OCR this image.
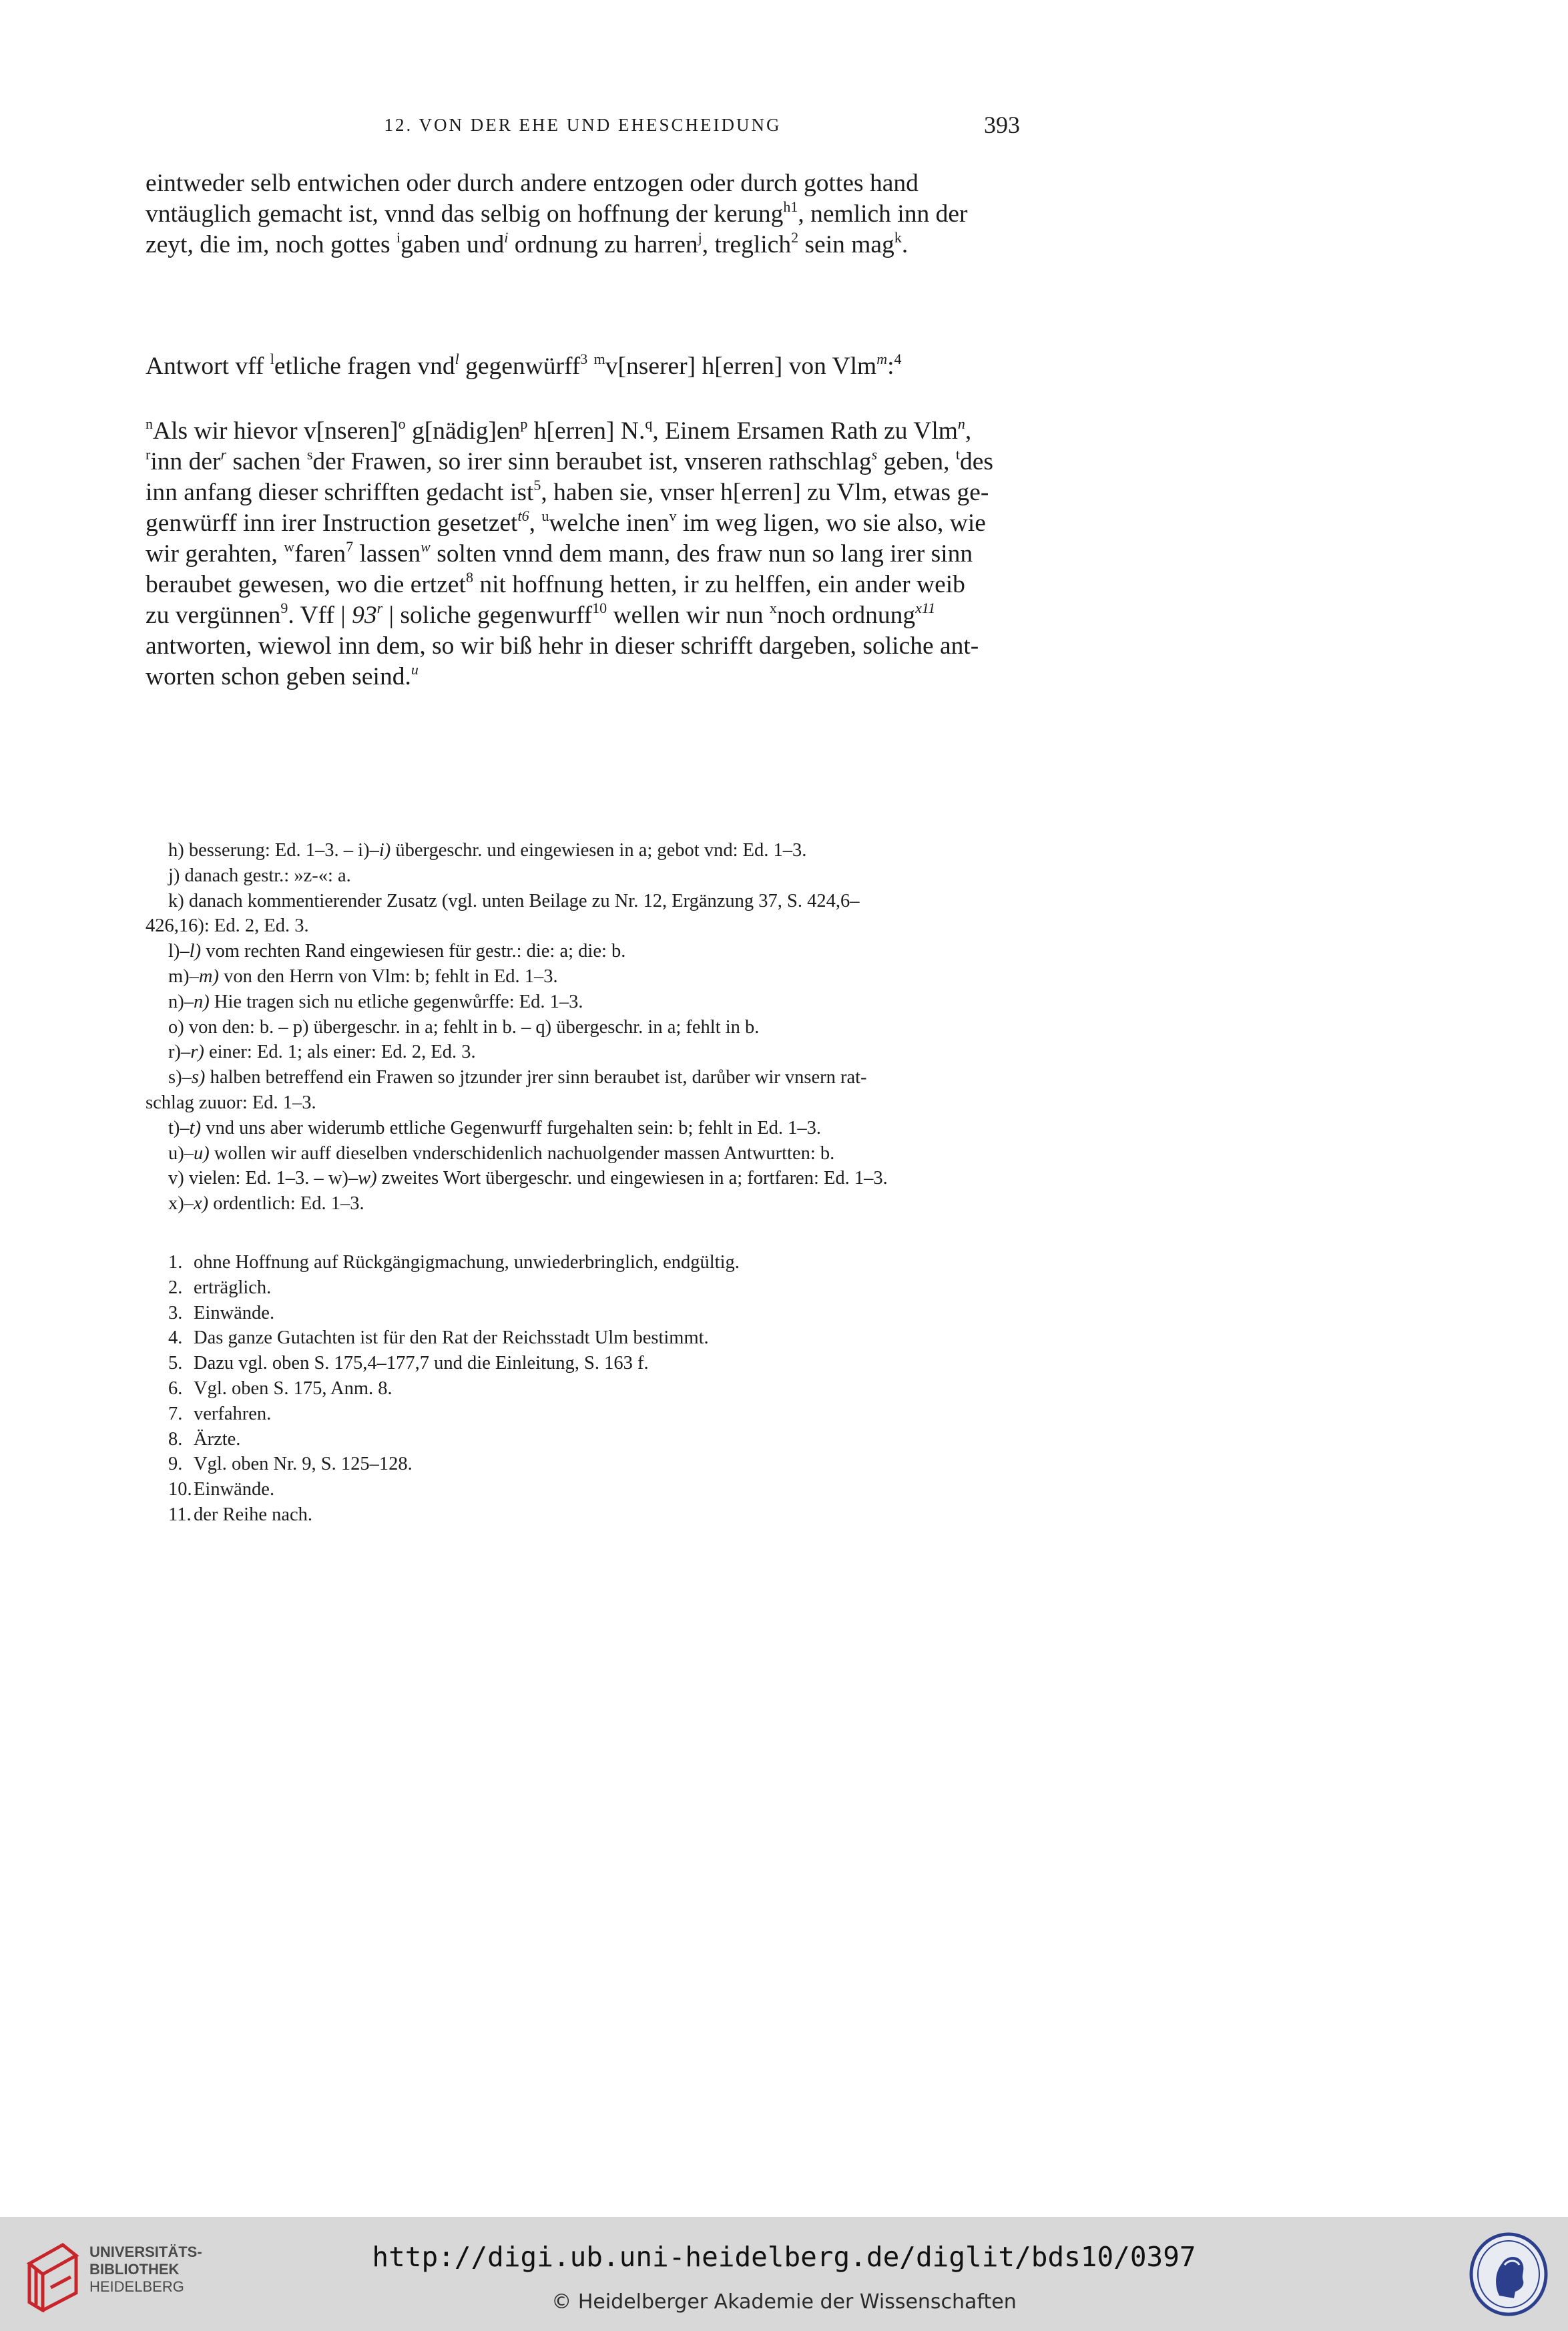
12. VON DER EHE UND EHESCHEIDUNG	393

eintweder selb entwichen oder durch andere entzogen oder durch gottes hand

vntäuglich gemacht ist, vnnd das selbig on hoffnung der kerung$^{h1}$, nemlich inn der

zeyt, die im, noch gottes $^i$gaben und$^i$ ordnung zu harren$^j$, treglich$^2$ sein mag$^k$.

Antwort vff $^l$etliche fragen vnd$^l$ gegenwürff$^3$ $^m$v[nserer] h[erren] von Vlm$^m$:$^4$

$^n$Als wir hievor v[nseren]$^o$ $g[nädig]en^p$ h[erren] N.$^q$, Einem Ersamen Rath zu Vlm$^n$,

$^r$inn der$^r$ sachen $^s$der Frawen, so irer sinn beraubet ist, vnseren rathschlag$^s$ geben, $^t$des

inn anfang dieser schrifften gedacht ist$^5$, haben sie, vnser h[erren] zu Vlm, etwas ge-

genwürff inn irer Instruction gesetzet$^{t6}$, $^u$welche inen$^v$ im weg ligen, wo sie also, wie

wir gerahten, $^w$faren$^7$ lassen$^w$ solten vnnd dem mann, des fraw nun so lang irer sinn

beraubet gewesen, wo die ertzet$^8$ nit hoffnung hetten, ir zu helffen, ein ander weib

zu vergünnen$^9$. Vff | 93$^r$ | soliche gegenwurff$^{10}$ wellen wir nun $^x$noch ordnung$^{x11}$

antworten, wiewol inn dem, so wir biß hehr in dieser schrifft dargeben, soliche ant-

worten schon geben seind.$^u$

h) besserung: Ed. 1–3. – i)–i) übergeschr. und eingewiesen in a; gebot vnd: Ed. 1–3.

j) danach gestr.: »z-«: a.

k) danach kommentierender Zusatz (vgl. unten Beilage zu Nr. 12, Ergänzung 37, S. 424,6–

426,16): Ed. 2, Ed. 3.

l)–l) vom rechten Rand eingewiesen für gestr.: die: a; die: b.

m)–m) von den Herrn von Vlm: b; fehlt in Ed. 1–3.

n)–n) Hie tragen sich nu etliche gegenwůrffe: Ed. 1–3.

o) von den: b. – p) übergeschr. in a; fehlt in b. – q) übergeschr. in a; fehlt in b.

r)–r) einer: Ed. 1; als einer: Ed. 2, Ed. 3.

s)–s) halben betreffend ein Frawen so jtzunder jrer sinn beraubet ist, darůber wir vnsern rat-

schlag zuuor: Ed. 1–3.

t)–t) vnd uns aber widerumb ettliche Gegenwurff furgehalten sein: b; fehlt in Ed. 1–3.

u)–u) wollen wir auff dieselben vnderschidenlich nachuolgender massen Antwurtten: b.

v) vielen: Ed. 1–3. – w)–w) zweites Wort übergeschr. und eingewiesen in a; fortfaren: Ed. 1–3.

x)–x) ordentlich: Ed. 1–3.

1. ohne Hoffnung auf Rückgängigmachung, unwiederbringlich, endgültig.

2. erträglich.

3. Einwände.

4. Das ganze Gutachten ist für den Rat der Reichsstadt Ulm bestimmt.

5. Dazu vgl. oben S. 175,4–177,7 und die Einleitung, S. 163 f.

6. Vgl. oben S. 175, Anm. 8.

7. verfahren.

8. Ärzte.

9. Vgl. oben Nr. 9, S. 125–128.

10.Einwände.

11. der Reihe nach.

UNIVERSITÄTS-
BIBLIOTHEK
HEIDELBERG
http://digi.ub.uni-heidelberg.de/diglit/bds10/0397
© Heidelberger Akademie der Wissenschaften
